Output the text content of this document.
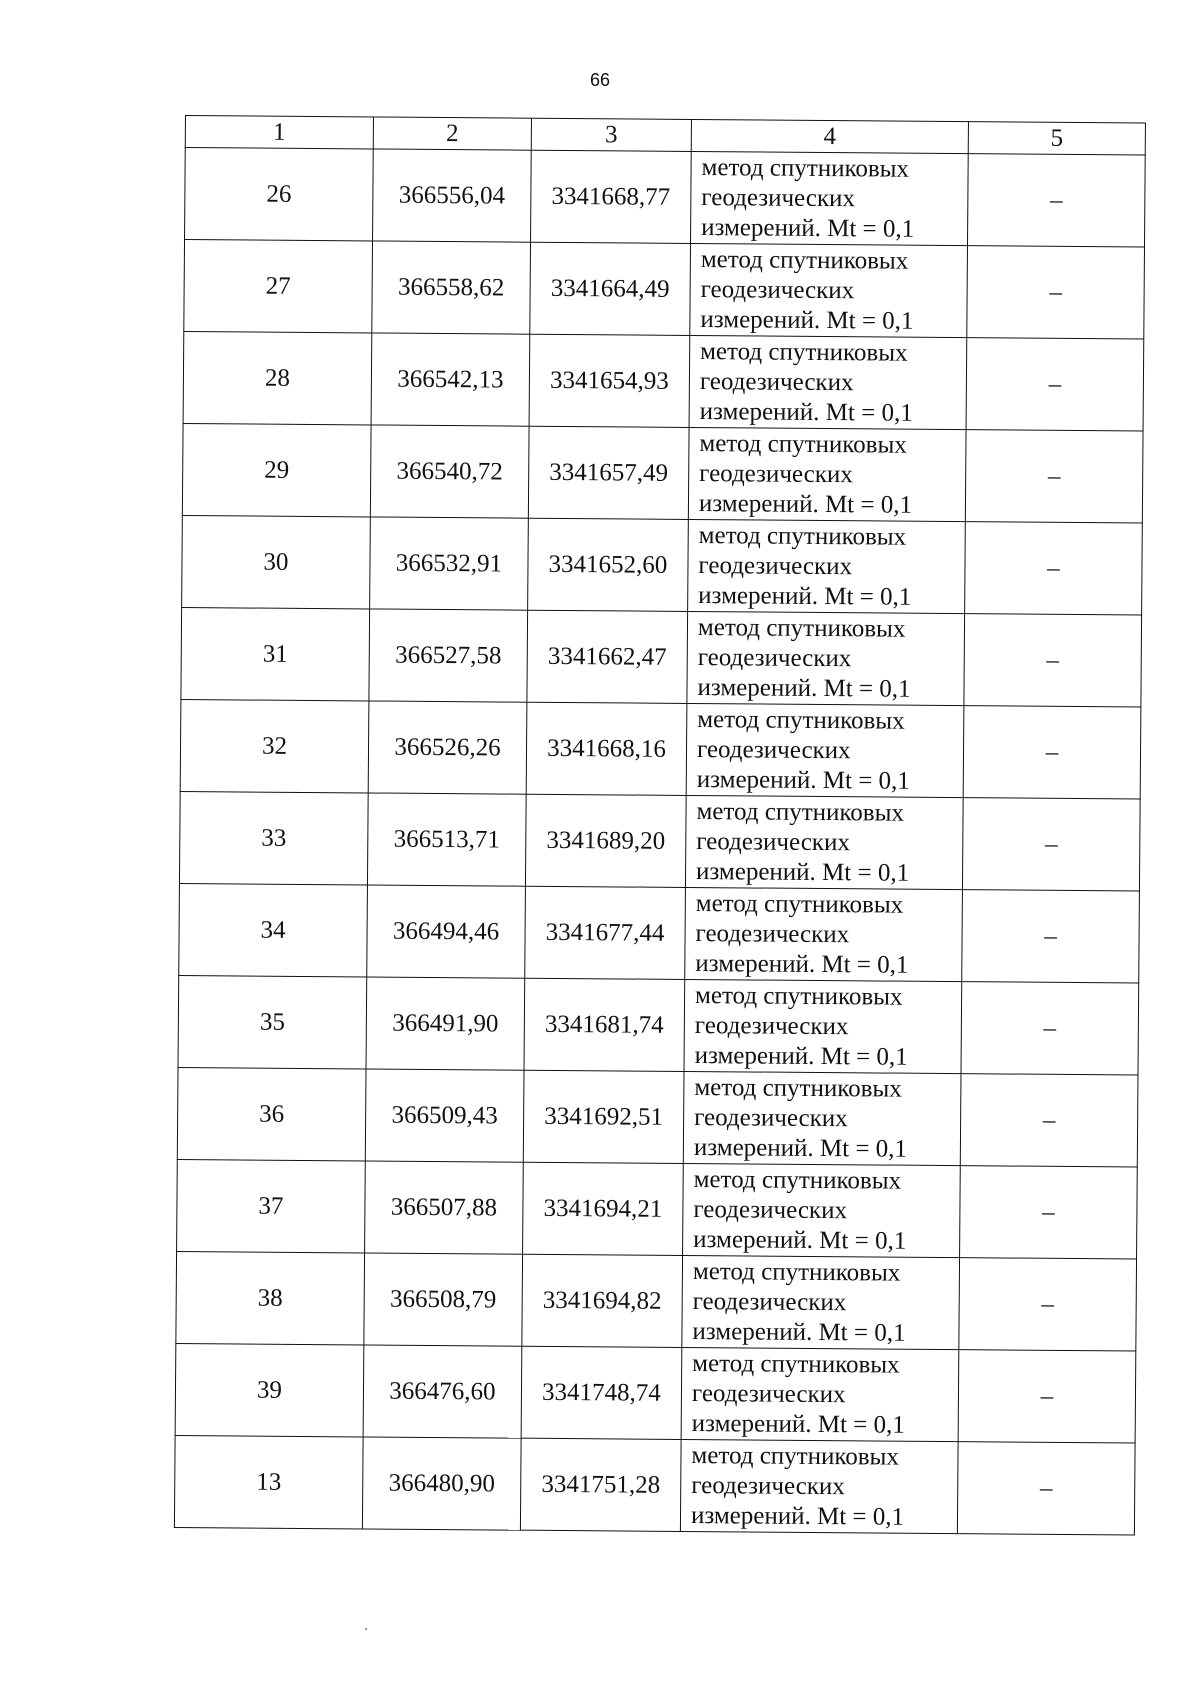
66
1	2	3	4	5
26	366556,04	3341668,77	метод спутниковых
геодезических
измерений. Mt = 0,1	–
27	366558,62	3341664,49	метод спутниковых
геодезических
измерений. Mt = 0,1	–
28	366542,13	3341654,93	метод спутниковых
геодезических
измерений. Mt = 0,1	–
29	366540,72	3341657,49	метод спутниковых
геодезических
измерений. Mt = 0,1	–
30	366532,91	3341652,60	метод спутниковых
геодезических
измерений. Mt = 0,1	–
31	366527,58	3341662,47	метод спутниковых
геодезических
измерений. Mt = 0,1	–
32	366526,26	3341668,16	метод спутниковых
геодезических
измерений. Mt = 0,1	–
33	366513,71	3341689,20	метод спутниковых
геодезических
измерений. Mt = 0,1	–
34	366494,46	3341677,44	метод спутниковых
геодезических
измерений. Mt = 0,1	–
35	366491,90	3341681,74	метод спутниковых
геодезических
измерений. Mt = 0,1	–
36	366509,43	3341692,51	метод спутниковых
геодезических
измерений. Mt = 0,1	–
37	366507,88	3341694,21	метод спутниковых
геодезических
измерений. Mt = 0,1	–
38	366508,79	3341694,82	метод спутниковых
геодезических
измерений. Mt = 0,1	–
39	366476,60	3341748,74	метод спутниковых
геодезических
измерений. Mt = 0,1	–
13	366480,90	3341751,28	метод спутниковых
геодезических
измерений. Mt = 0,1	–
